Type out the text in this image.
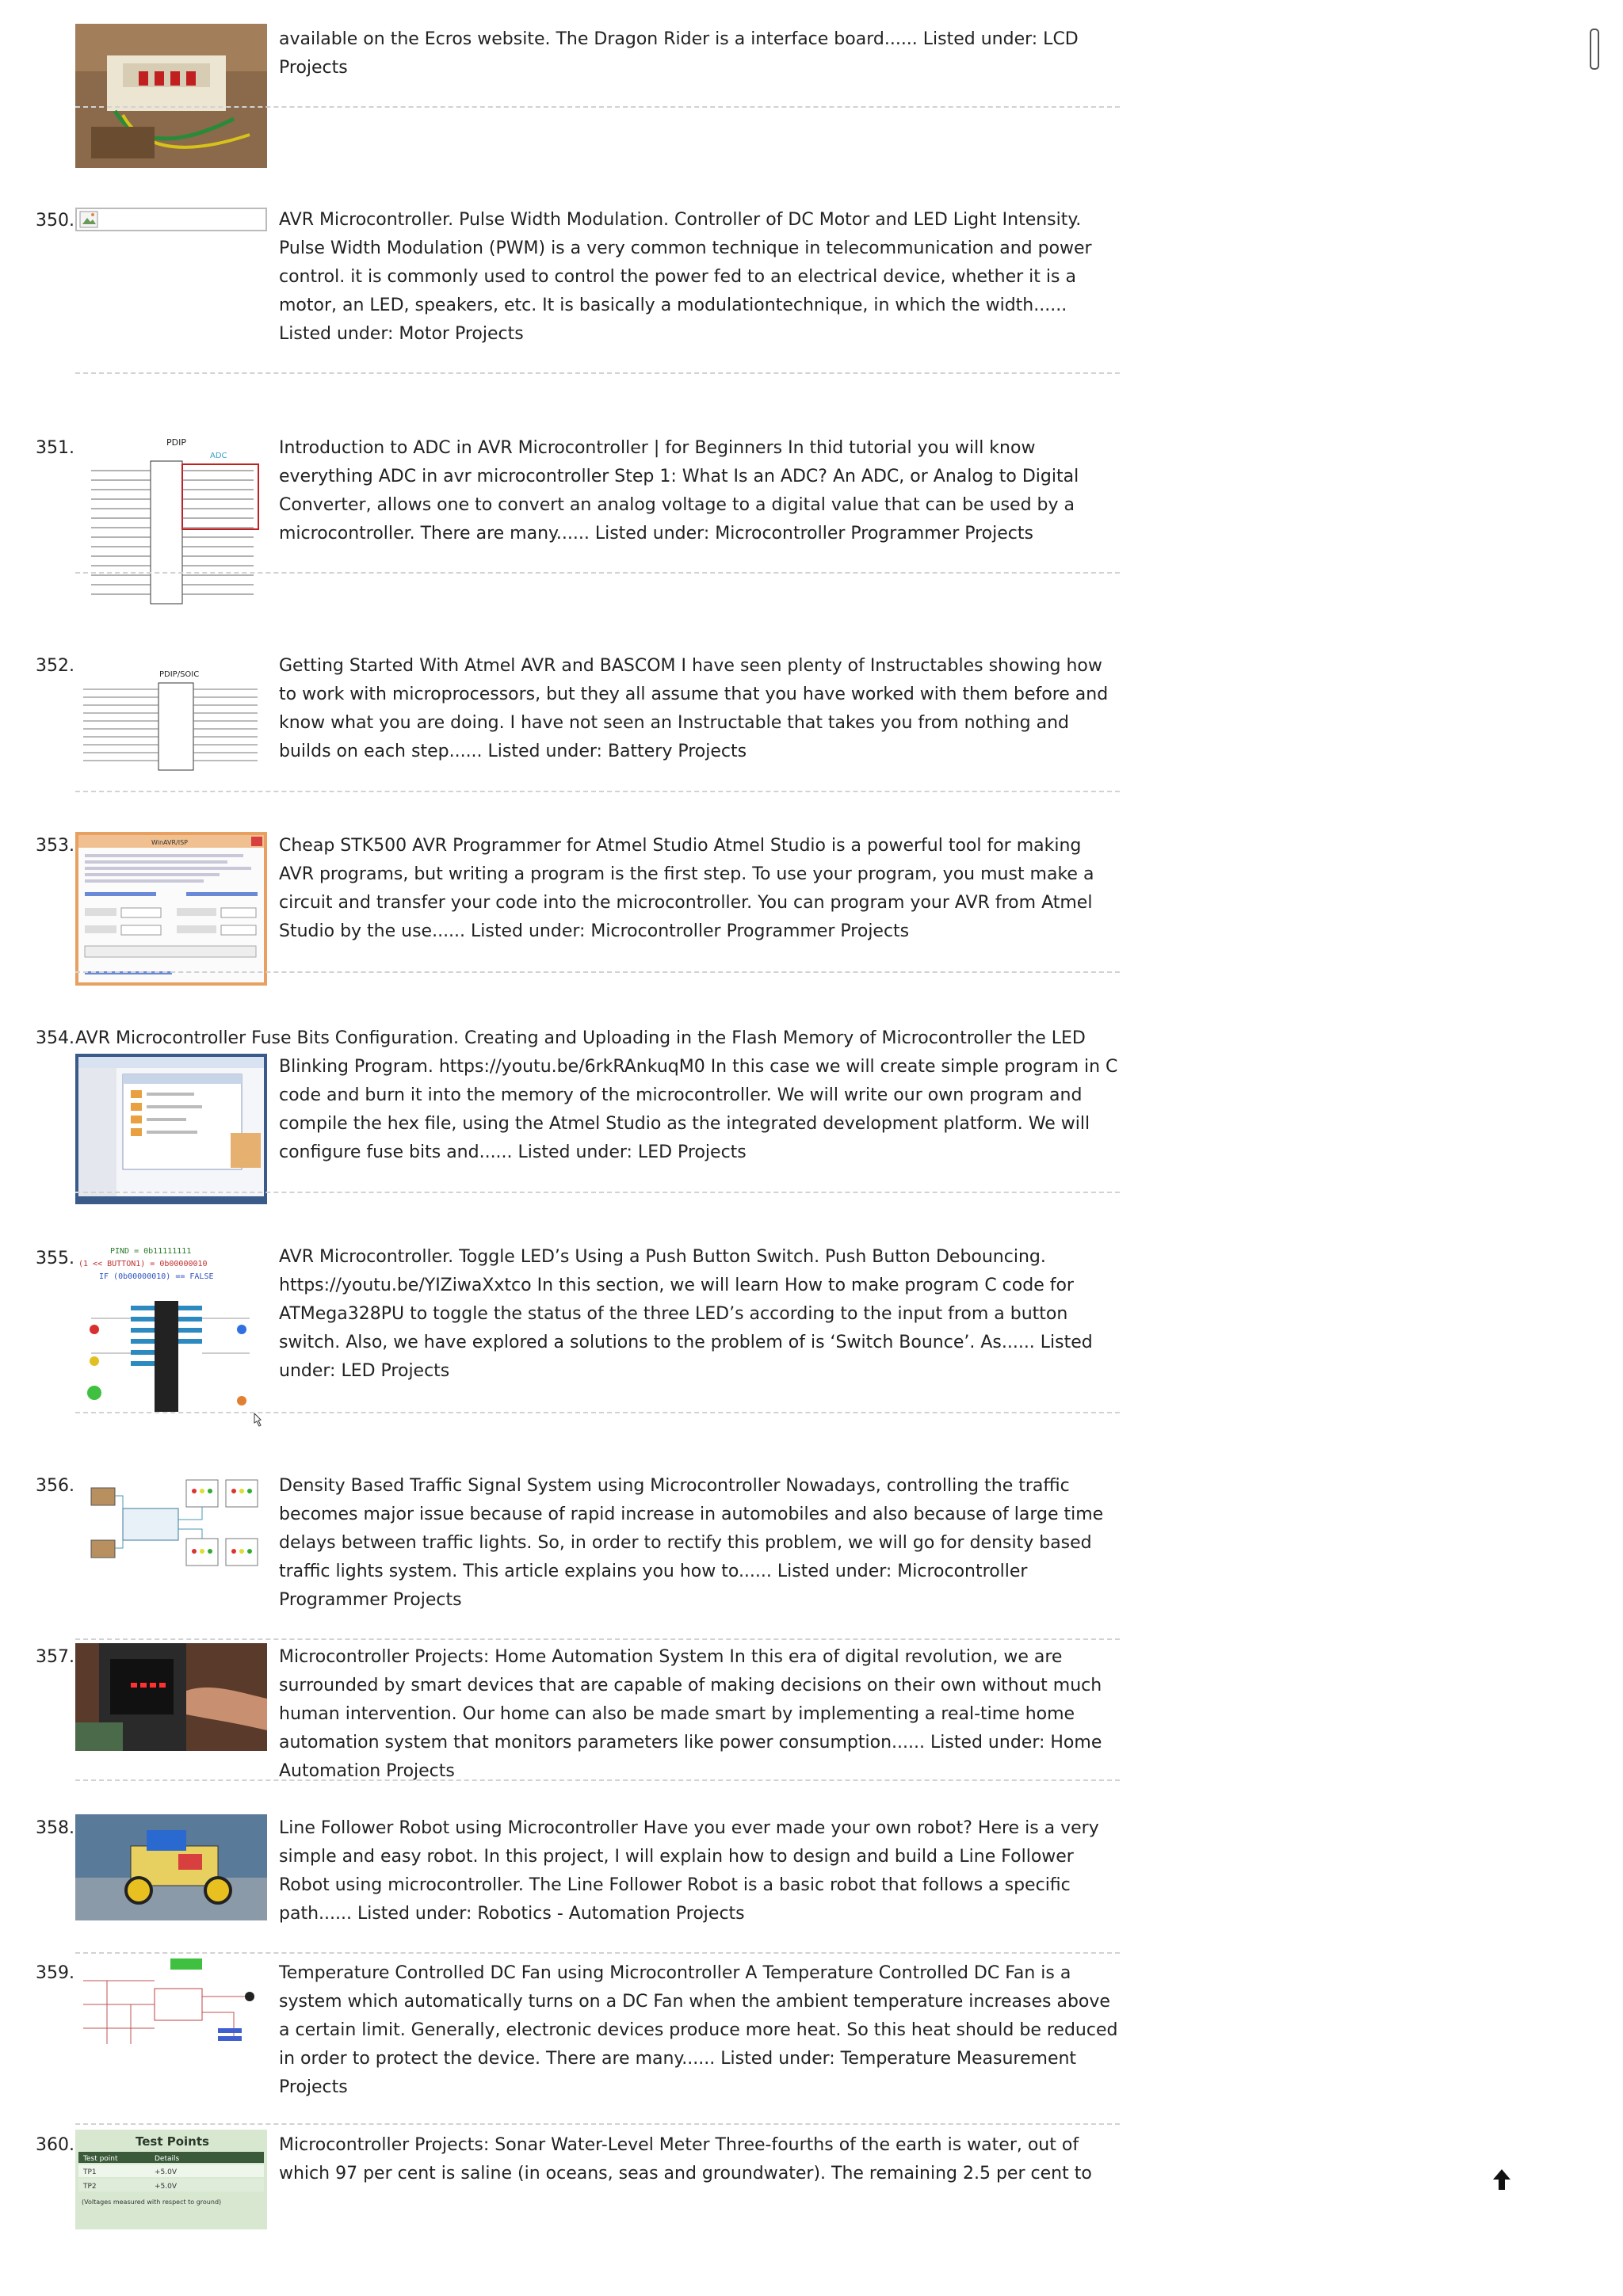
available on the Ecros website. The Dragon Rider is a interface board...... Listed under: LCD Projects

350.	AVR Microcontroller. Pulse Width Modulation. Controller of DC Motor and LED Light Intensity. Pulse Width Modulation (PWM) is a very common technique in telecommunication and power control. it is commonly used to control the power fed to an electrical device, whether it is a motor, an LED, speakers, etc. It is basically a modulationtechnique, in which the width...... Listed under: Motor Projects

351.	PDIP
ADC	Introduction to ADC in AVR Microcontroller | for Beginners In thid tutorial you will know everything ADC in avr microcontroller Step 1: What Is an ADC? An ADC, or Analog to Digital Converter, allows one to convert an analog voltage to a digital value that can be used by a microcontroller. There are many...... Listed under: Microcontroller Programmer Projects

352.	PDIP/SOIC	Getting Started With Atmel AVR and BASCOM I have seen plenty of Instructables showing how to work with microprocessors, but they all assume that you have worked with them before and know what you are doing. I have not seen an Instructable that takes you from nothing and builds on each step...... Listed under: Battery Projects

353.	WinAVR/ISP	Cheap STK500 AVR Programmer for Atmel Studio Atmel Studio is a powerful tool for making AVR programs, but writing a program is the first step. To use your program, you must make a circuit and transfer your code into the microcontroller. You can program your AVR from Atmel Studio by the use...... Listed under: Microcontroller Programmer Projects

354. AVR Microcontroller Fuse Bits Configuration. Creating and Uploading in the Flash Memory of Microcontroller the LED

Blinking Program. https://youtu.be/6rkRAnkuqM0 In this case we will create simple program in C code and burn it into the memory of the microcontroller. We will write our own program and compile the hex file, using the Atmel Studio as the integrated development platform. We will configure fuse bits and...... Listed under: LED Projects

355.	PIND = 0b11111111
(1 << BUTTON1) = 0b00000010
IF (0b00000010) == FALSE

AVR Microcontroller. Toggle LED’s Using a Push Button Switch. Push Button Debouncing. https://youtu.be/YIZiwaXxtco In this section, we will learn How to make program C code for ATMega328PU to toggle the status of the three LED’s according to the input from a button switch. Also, we have explored a solutions to the problem of is ‘Switch Bounce’. As...... Listed under: LED Projects

356.	Density Based Traffic Signal System using Microcontroller Nowadays, controlling the traffic becomes major issue because of rapid increase in automobiles and also because of large time delays between traffic lights. So, in order to rectify this problem, we will go for density based traffic lights system. This article explains you how to...... Listed under: Microcontroller Programmer Projects

357.	Microcontroller Projects: Home Automation System In this era of digital revolution, we are surrounded by smart devices that are capable of making decisions on their own without much human intervention. Our home can also be made smart by implementing a real-time home automation system that monitors parameters like power consumption...... Listed under: Home Automation Projects

358.	Line Follower Robot using Microcontroller Have you ever made your own robot? Here is a very simple and easy robot. In this project, I will explain how to design and build a Line Follower Robot using microcontroller. The Line Follower Robot is a basic robot that follows a specific path...... Listed under: Robotics - Automation Projects

359.	Temperature Controlled DC Fan using Microcontroller A Temperature Controlled DC Fan is a system which automatically turns on a DC Fan when the ambient temperature increases above a certain limit. Generally, electronic devices produce more heat. So this heat should be reduced in order to protect the device. There are many...... Listed under: Temperature Measurement Projects

360.	Test Points
Test point	Details
TP1	+5.0V
TP2	+5.0V
(Voltages measured with respect to ground)

Microcontroller Projects: Sonar Water-Level Meter Three-fourths of the earth is water, out of which 97 per cent is saline (in oceans, seas and groundwater). The remaining 2.5 per cent to
